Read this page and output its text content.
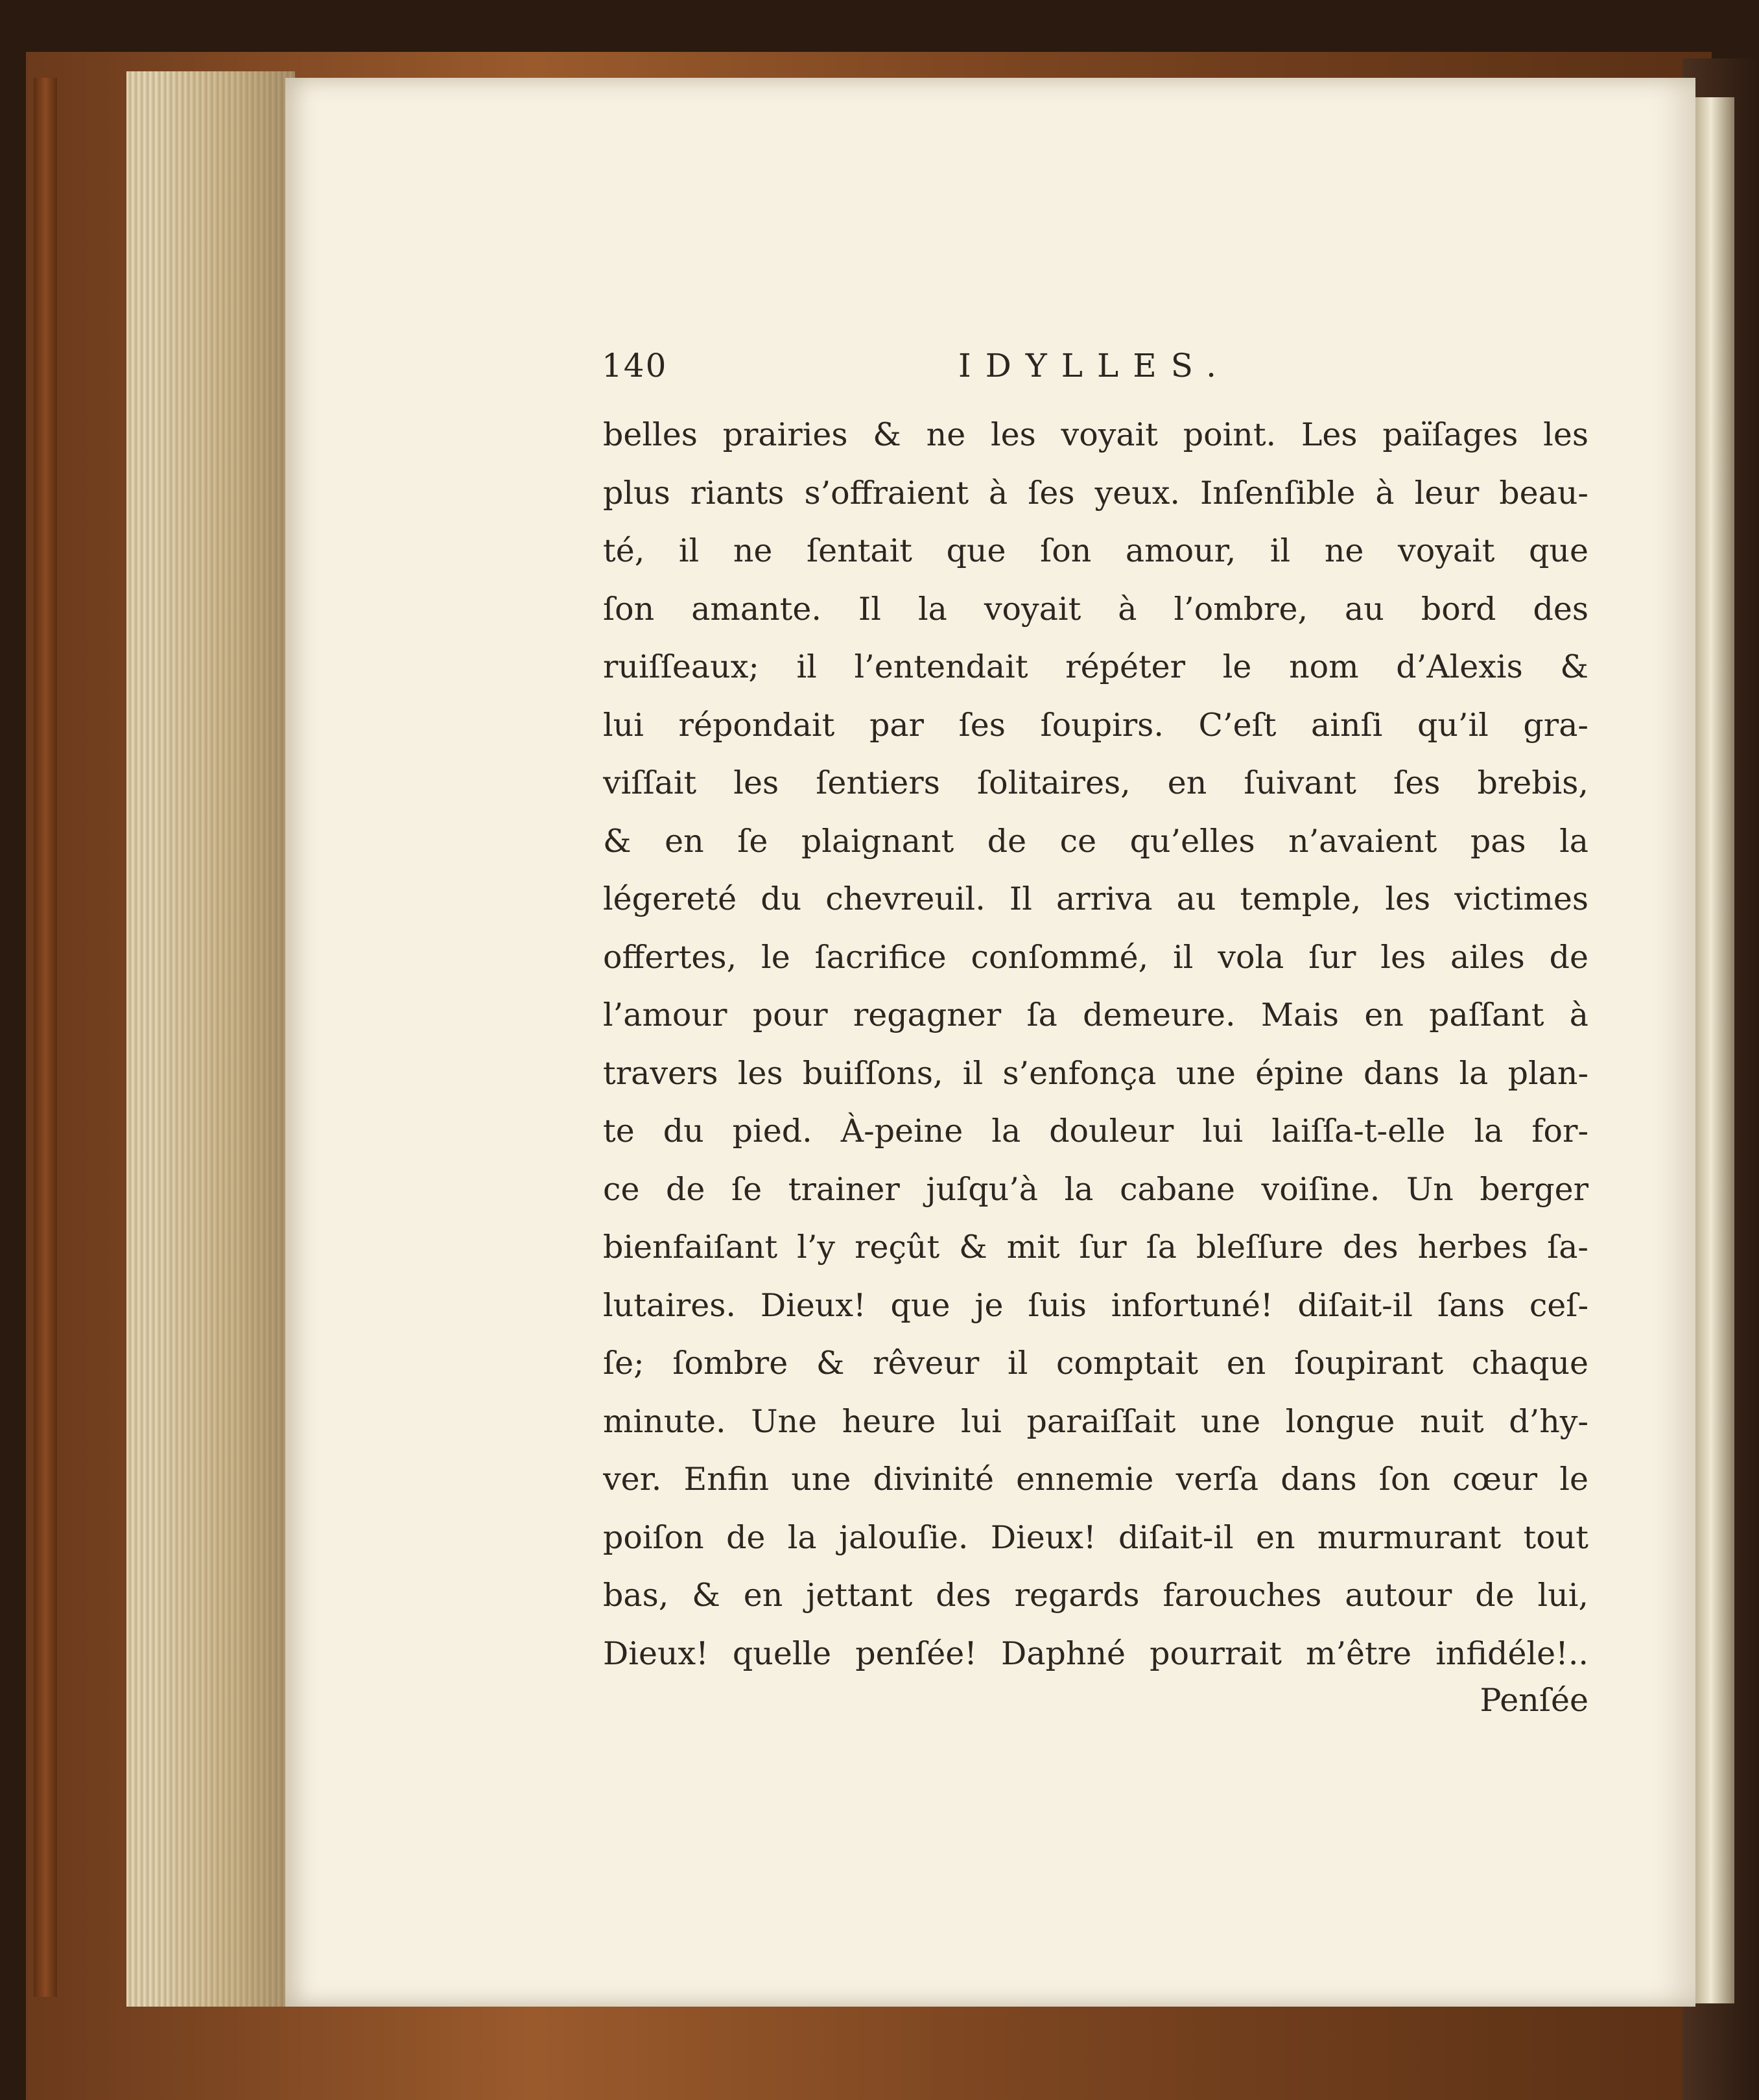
140	IDYLLES.
belles prairies & ne les voyait point. Les païſages les
plus riants s’offraient à ſes yeux. Inſenſible à leur beau-
té, il ne ſentait que ſon amour, il ne voyait que
ſon amante. Il la voyait à l’ombre, au bord des
ruiſſeaux; il l’entendait répéter le nom d’Alexis &
lui répondait par ſes ſoupirs. C’eſt ainſi qu’il gra-
viſſait les ſentiers ſolitaires, en ſuivant ſes brebis,
& en ſe plaignant de ce qu’elles n’avaient pas la
légereté du chevreuil. Il arriva au temple, les victimes
offertes, le ſacrifice conſommé, il vola ſur les ailes de
l’amour pour regagner ſa demeure. Mais en paſſant à
travers les buiſſons, il s’enfonça une épine dans la plan-
te du pied. À-peine la douleur lui laiſſa-t-elle la for-
ce de ſe trainer juſqu’à la cabane voiſine. Un berger
bienfaiſant l’y reçût & mit ſur ſa bleſſure des herbes ſa-
lutaires. Dieux! que je ſuis infortuné! diſait-il ſans ceſ-
ſe; ſombre & rêveur il comptait en ſoupirant chaque
minute. Une heure lui paraiſſait une longue nuit d’hy-
ver. Enfin une divinité ennemie verſa dans ſon cœur le
poiſon de la jalouſie. Dieux! diſait-il en murmurant tout
bas, & en jettant des regards farouches autour de lui,
Dieux! quelle penſée! Daphné pourrait m’être infidéle!..
Penſée
